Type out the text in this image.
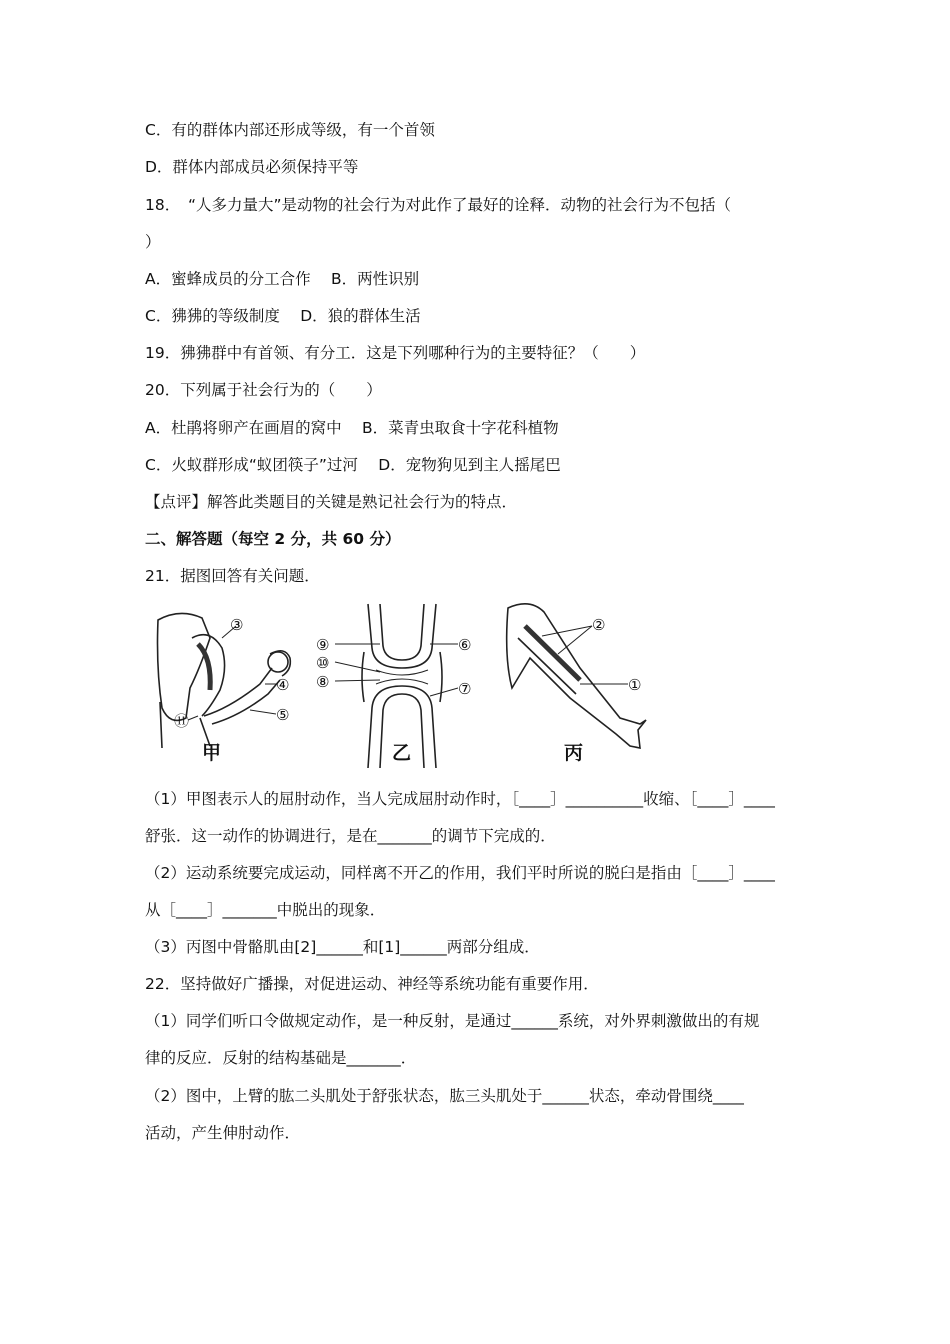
C．有的群体内部还形成等级，有一个首领
D．群体内部成员必须保持平等
18．　“人多力量大”是动物的社会行为对此作了最好的诠释．动物的社会行为不包括（
）
A．蜜蜂成员的分工合作　 B．两性识别
C．狒狒的等级制度　 D．狼的群体生活
19．狒狒群中有首领、有分工．这是下列哪种行为的主要特征？（　　）
20．下列属于社会行为的（　　）
A．杜鹃将卵产在画眉的窝中　 B．菜青虫取食十字花科植物
C．火蚁群形成“蚁团筷子”过河　 D．宠物狗见到主人摇尾巴
【点评】解答此类题目的关键是熟记社会行为的特点．
二、解答题（每空 2 分，共 60 分）
21．据图回答有关问题．
③
④
⑤
⑪
⑨
⑩
⑧
⑥
⑦
②
①
甲	乙	丙
（1）甲图表示人的屈肘动作，当人完成屈肘动作时，［____］__________收缩、［____］____
舒张．这一动作的协调进行，是在_______的调节下完成的．
（2）运动系统要完成运动，同样离不开乙的作用，我们平时所说的脱臼是指由［____］____
从［____］_______中脱出的现象．
（3）丙图中骨骼肌由[2]______和[1]______两部分组成．
22．坚持做好广播操，对促进运动、神经等系统功能有重要作用．
（1）同学们听口令做规定动作，是一种反射，是通过______系统，对外界刺激做出的有规
律的反应．反射的结构基础是_______．
（2）图中，上臂的肱二头肌处于舒张状态，肱三头肌处于______状态，牵动骨围绕____
活动，产生伸肘动作．
